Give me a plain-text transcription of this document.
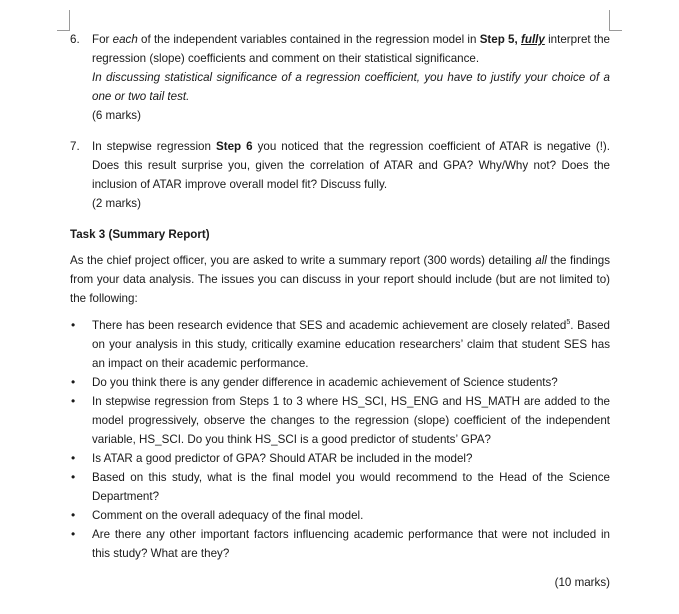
6. For each of the independent variables contained in the regression model in Step 5, fully interpret the regression (slope) coefficients and comment on their statistical significance.

In discussing statistical significance of a regression coefficient, you have to justify your choice of a one or two tail test.

(6 marks)

7. In stepwise regression Step 6 you noticed that the regression coefficient of ATAR is negative (!). Does this result surprise you, given the correlation of ATAR and GPA? Why/Why not? Does the inclusion of ATAR improve overall model fit? Discuss fully.

(2 marks)

Task 3 (Summary Report)

As the chief project officer, you are asked to write a summary report (300 words) detailing all the findings from your data analysis. The issues you can discuss in your report should include (but are not limited to) the following:

• There has been research evidence that SES and academic achievement are closely related$^5$. Based on your analysis in this study, critically examine education researchers’ claim that student SES has an impact on their academic performance.
• Do you think there is any gender difference in academic achievement of Science students?
• In stepwise regression from Steps 1 to 3 where HS_SCI, HS_ENG and HS_MATH are added to the model progressively, observe the changes to the regression (slope) coefficient of the independent variable, HS_SCI. Do you think HS_SCI is a good predictor of students’ GPA?
• Is ATAR a good predictor of GPA? Should ATAR be included in the model?
• Based on this study, what is the final model you would recommend to the Head of the Science Department?
• Comment on the overall adequacy of the final model.
• Are there any other important factors influencing academic performance that were not included in this study? What are they?
(10 marks)
